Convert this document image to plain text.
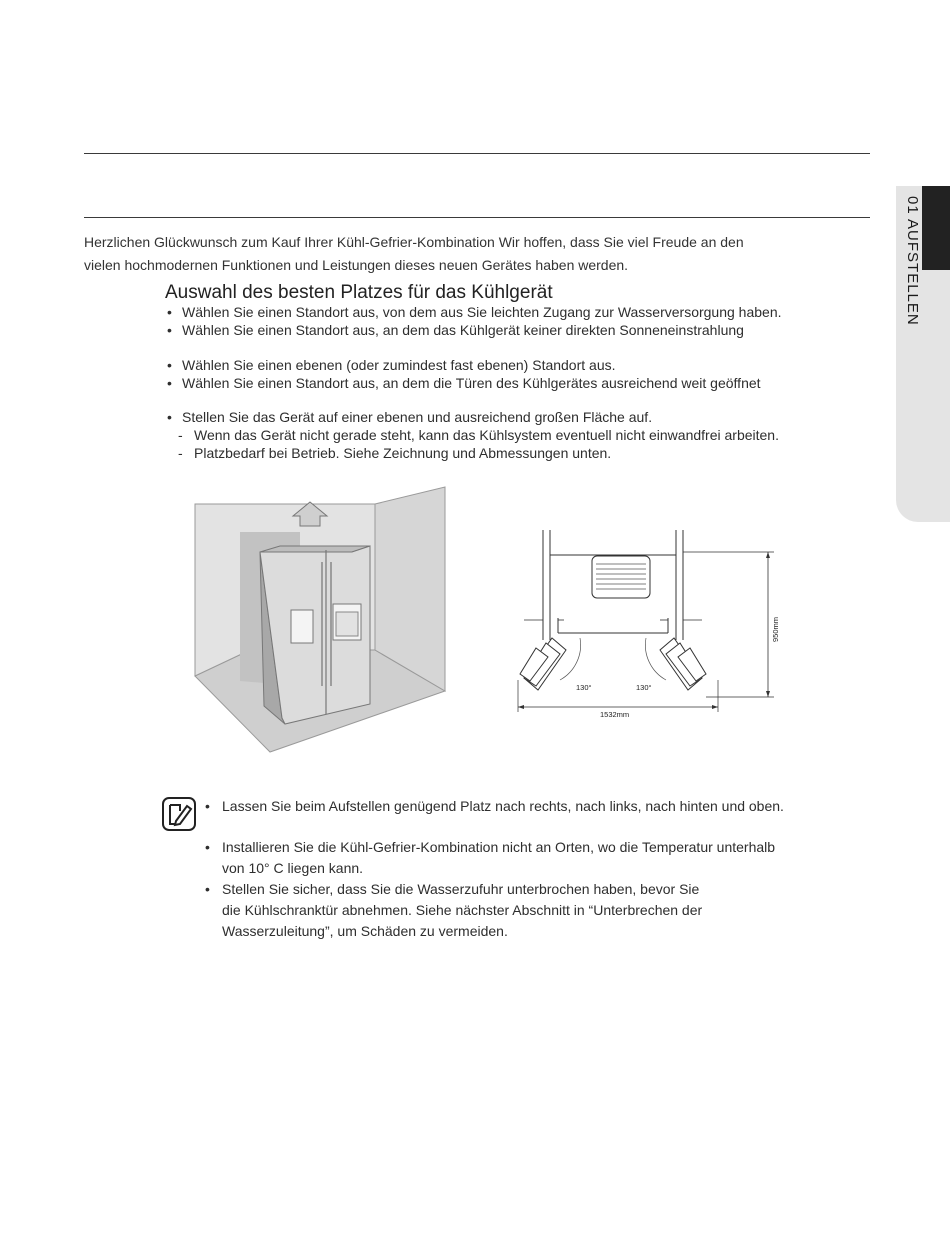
01 AUFSTELLEN
Herzlichen Glückwunsch zum Kauf Ihrer Kühl-Gefrier-Kombination Wir hoffen, dass Sie viel Freude an den
vielen hochmodernen Funktionen und Leistungen dieses neuen Gerätes haben werden.
Auswahl des besten Platzes für das Kühlgerät
• Wählen Sie einen Standort aus, von dem aus Sie leichten Zugang zur Wasserversorgung haben.
• Wählen Sie einen Standort aus, an dem das Kühlgerät keiner direkten Sonneneinstrahlung
• Wählen Sie einen ebenen (oder zumindest fast ebenen) Standort aus.
• Wählen Sie einen Standort aus, an dem die Türen des Kühlgerätes ausreichend weit geöffnet
• Stellen Sie das Gerät auf einer ebenen und ausreichend großen Fläche auf.
- Wenn das Gerät nicht gerade steht, kann das Kühlsystem eventuell nicht einwandfrei arbeiten.
- Platzbedarf bei Betrieb. Siehe Zeichnung und Abmessungen unten.
130°	130°
1532mm
950mm
• Lassen Sie beim Aufstellen genügend Platz nach rechts, nach links, nach hinten und oben.
• Installieren Sie die Kühl-Gefrier-Kombination nicht an Orten, wo die Temperatur unterhalb
von 10° C liegen kann.
• Stellen Sie sicher, dass Sie die Wasserzufuhr unterbrochen haben, bevor Sie
die Kühlschranktür abnehmen. Siehe nächster Abschnitt in “Unterbrechen der
Wasserzuleitung”, um Schäden zu vermeiden.
